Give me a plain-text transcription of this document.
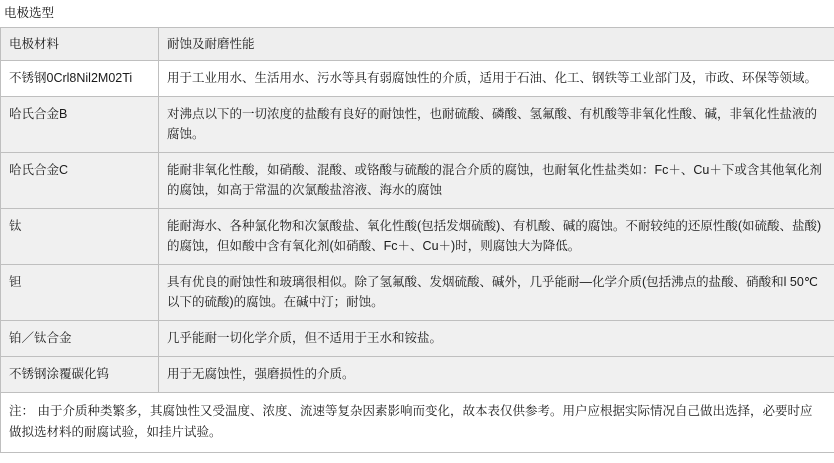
电极选型
电极材料	耐蚀及耐磨性能
不锈钢0Crl8Nil2M02Ti	用于工业用水、生活用水、污水等具有弱腐蚀性的介质，适用于石油、化工、钢铁等工业部门及，市政、环保等领域。
哈氏合金B	对沸点以下的一切浓度的盐酸有良好的耐蚀性，也耐硫酸、磷酸、氢氟酸、有机酸等非氧化性酸、碱，非氧化性盐液的腐蚀。
哈氏合金C	能耐非氧化性酸，如硝酸、混酸、或铬酸与硫酸的混合介质的腐蚀，也耐氧化性盐类如：Fc＋、Cu＋下或含其他氧化剂的腐蚀，如高于常温的次氯酸盐溶液、海水的腐蚀
钛	能耐海水、各种氯化物和次氯酸盐、氧化性酸(包括发烟硫酸)、有机酸、碱的腐蚀。不耐较纯的还原性酸(如硫酸、盐酸)的腐蚀，但如酸中含有氧化剂(如硝酸、Fc＋、Cu＋)时，则腐蚀大为降低。
钽	具有优良的耐蚀性和玻璃很相似。除了氢氟酸、发烟硫酸、碱外，几乎能耐—化学介质(包括沸点的盐酸、硝酸和l 50℃以下的硫酸)的腐蚀。在碱中汀；耐蚀。
铂／钛合金	几乎能耐一切化学介质，但不适用于王水和铵盐。
不锈钢涂覆碳化钨	用于无腐蚀性，强磨损性的介质。
注： 由于介质种类繁多，其腐蚀性又受温度、浓度、流速等复杂因素影响而变化，故本表仅供参考。用户应根据实际情况自己做出选择，必要时应做拟选材料的耐腐试验，如挂片试验。	
